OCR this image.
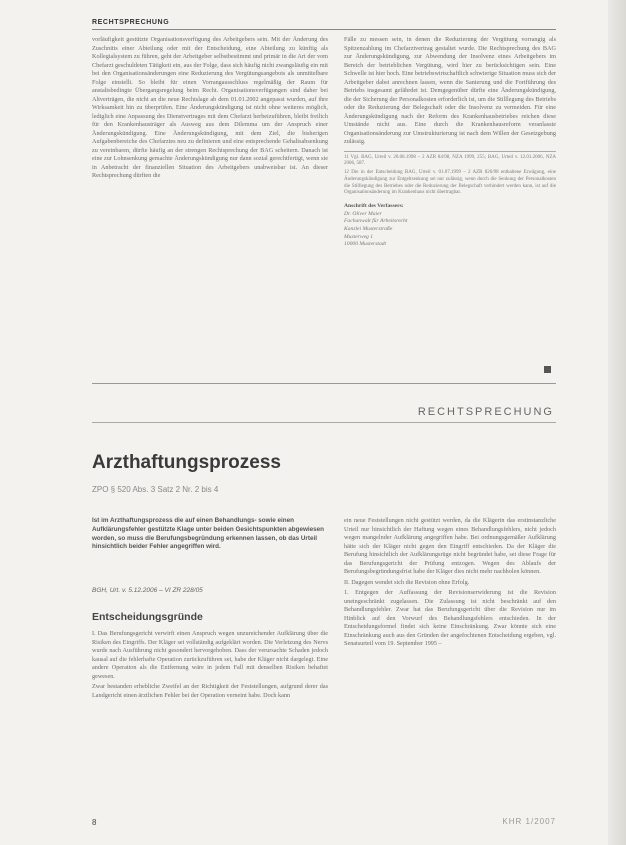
RECHTSPRECHUNG

vorläufigkeit gestützte Organisationsverfügung des Arbeitgebers sein. Mit der Änderung des Zuschnitts einer Abteilung oder mit der Entscheidung, eine Abteilung zu künftig als Kollegialsystem zu führen, geht der Arbeitgeber selbstbestimmt und primär in die Art der vom Chefarzt geschuldeten Tätigkeit ein, aus der Folge, dass sich häufig nicht zwangsläufig ein mit bei den Organisationsänderungen eine Reduzierung des Vergütungsangebots als unmittelbare Folge einstellt. So bleibt für einen Vorrangausschluss regelmäßig der Raum für anstaltsbedingte Übergangsregelung beim Recht. Organisationsverfügungen sind daher bei Altverträgen, die nicht an die neue Rechtslage ab dem 01.01.2002 angepasst wurden, auf ihre Wirksamkeit hin zu überprüfen. Eine Änderungskündigung ist nicht ohne weiteres möglich, lediglich eine Anpassung des Dienstvertrages mit dem Chefarzt herbeizuführen, bleibt freilich für den Krankenhausträger als Ausweg aus dem Dilemma um der Anspruch einer Änderungskündigung. Eine Änderungskündigung, mit dem Ziel, die bisherigen Aufgabenbereiche des Chefarztes neu zu definieren und eine entsprechende Gehaltsabsenkung zu vereinbaren, dürfte häufig an der strengen Rechtsprechung der BAG scheitern. Danach ist eine zur Lohnsenkung gemachte Änderungskündigung nur dann sozial gerechtfertigt, wenn sie in Anbetracht der finanziellen Situation des Arbeitgebers unabweisbar ist. An dieser Rechtsprechung dürften die

Fälle zu messen sein, in denen die Reduzierung der Vergütung vorrangig als Spitzenzahlung im Chefarztvertrag gestaltet wurde. Die Rechtsprechung des BAG zur Änderungskündigung, zur Abwendung der Insolvenz eines Arbeitgebers im Bereich der betrieblichen Vergütung, wird hier zu berücksichtigen sein. Eine Schwelle ist hier hoch. Eine betriebswirtschaftlich schwierige Situation muss sich der Arbeitgeber dabei anrechnen lassen, wenn die Sanierung und die Fortführung des Betriebs insgesamt gefährdet ist. Demgegenüber dürfte eine Änderungskündigung, die der Sicherung der Personalkosten erforderlich ist, um die Stilllegung des Betriebs oder die Reduzierung der Belegschaft oder die Insolvenz zu vermeiden. Für eine Änderungskündigung nach der Reform des Krankenhausbetriebes reichen diese Umstände nicht aus. Eine durch die Krankenhausreform veranlasste Organisationsänderung zur Umstrukturierung ist nach dem Willen der Gesetzgebung zulässig.

11 Vgl. BAG, Urteil v. 20.08.1998 – 2 AZR 84/98, NZA 1999, 255; BAG, Urteil v. 12.01.2006, NZA 2006, 587.

12 Die in der Entscheidung BAG, Urteil v. 01.07.1999 – 2 AZR 826/98 enthaltene Erwägung, eine Änderungskündigung zur Entgeltsenkung sei nur zulässig, wenn durch die Senkung der Personalkosten die Stilllegung des Betriebes oder die Reduzierung der Belegschaft verhindert werden kann, ist auf die Organisationsänderung im Krankenhaus nicht übertragbar.

Anschrift des Verfassers:
Dr. Oliver Maier
Fachanwalt für Arbeitsrecht
Kanzlei Musterstraße
Musterweg 1
10000 Musterstadt
RECHTSPRECHUNG
Arzthaftungsprozess
ZPO § 520 Abs. 3 Satz 2 Nr. 2 bis 4
Ist im Arzthaftungsprozess die auf einen Behandlungs- sowie einen Aufklärungsfehler gestützte Klage unter beiden Gesichtspunkten abgewiesen worden, so muss die Berufungsbegründung erkennen lassen, ob das Urteil hinsichtlich beider Fehler angegriffen wird.
BGH, Urt. v. 5.12.2006 – VI ZR 228/05
Entscheidungsgründe

I. Das Berufungsgericht verwirft einen Anspruch wegen unzureichender Aufklärung über die Risiken des Eingriffs. Der Kläger sei vollständig aufgeklärt worden. Die Verletzung des Nervs wurde nach Ausführung nicht gesondert hervorgehoben. Dass der verursachte Schaden jedoch kausal auf die fehlerhafte Operation zurückzuführen sei, habe der Kläger nicht dargelegt. Eine andere Operation als die Entfernung wäre in jedem Fall mit denselben Risiken behaftet gewesen.

Zwar bestanden erhebliche Zweifel an der Richtigkeit der Feststellungen, aufgrund derer das Landgericht einen ärztlichen Fehler bei der Operation verneint habe. Doch kann

ein neue Feststellungen nicht gestützt werden, da die Klägerin das erstinstanzliche Urteil nur hinsichtlich der Haftung wegen eines Behandlungsfehlers, nicht jedoch wegen mangelnder Aufklärung angegriffen habe. Bei ordnungsgemäßer Aufklärung hätte sich der Kläger nicht gegen den Eingriff entschieden. Da der Kläger die Berufung hinsichtlich der Aufklärungsrüge nicht begründet habe, sei diese Frage für das Berufungsgericht der Prüfung entzogen. Wegen des Ablaufs der Berufungsbegründungsfrist habe der Kläger dies nicht mehr nachholen können.

II. Dagegen wendet sich die Revision ohne Erfolg.

1. Entgegen der Auffassung der Revisionserwiderung ist die Revision uneingeschränkt zugelassen. Die Zulassung ist nicht beschränkt auf den Behandlungsfehler. Zwar hat das Berufungsgericht über die Revision nur im Hinblick auf den Vorwurf des Behandlungsfehlers entschieden. In der Entscheidungsformel findet sich keine Einschränkung. Zwar könnte sich eine Einschränkung auch aus den Gründen der angefochtenen Entscheidung ergeben, vgl. Senatsurteil vom 19. September 1995 –

8	KHR 1/2007
